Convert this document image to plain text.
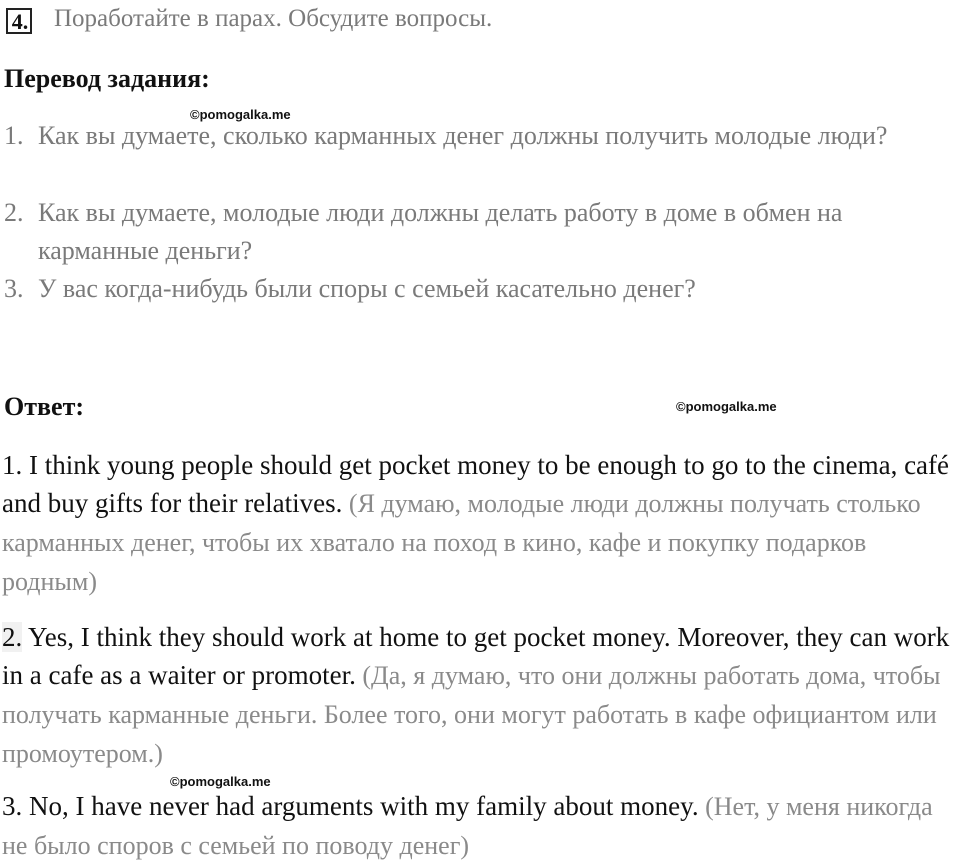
4. Поработайте в парах. Обсудите вопросы.
Перевод задания:
©pomogalka.me
1. Как вы думаете, сколько карманных денег должны получить молодые люди?
2. Как вы думаете, молодые люди должны делать работу в доме в обмен на карманные деньги?
3. У вас когда-нибудь были споры с семьей касательно денег?
Ответ:	©pomogalka.me
1. I think young people should get pocket money to be enough to go to the cinema, café and buy gifts for their relatives. (Я думаю, молодые люди должны получать столько карманных денег, чтобы их хватало на поход в кино, кафе и покупку подарков родным)
2. Yes, I think they should work at home to get pocket money. Moreover, they can work in a cafe as a waiter or promoter. (Да, я думаю, что они должны работать дома, чтобы получать карманные деньги. Более того, они могут работать в кафе официантом или промоутером.)
©pomogalka.me
3. No, I have never had arguments with my family about money. (Нет, у меня никогда не было споров с семьей по поводу денег)
